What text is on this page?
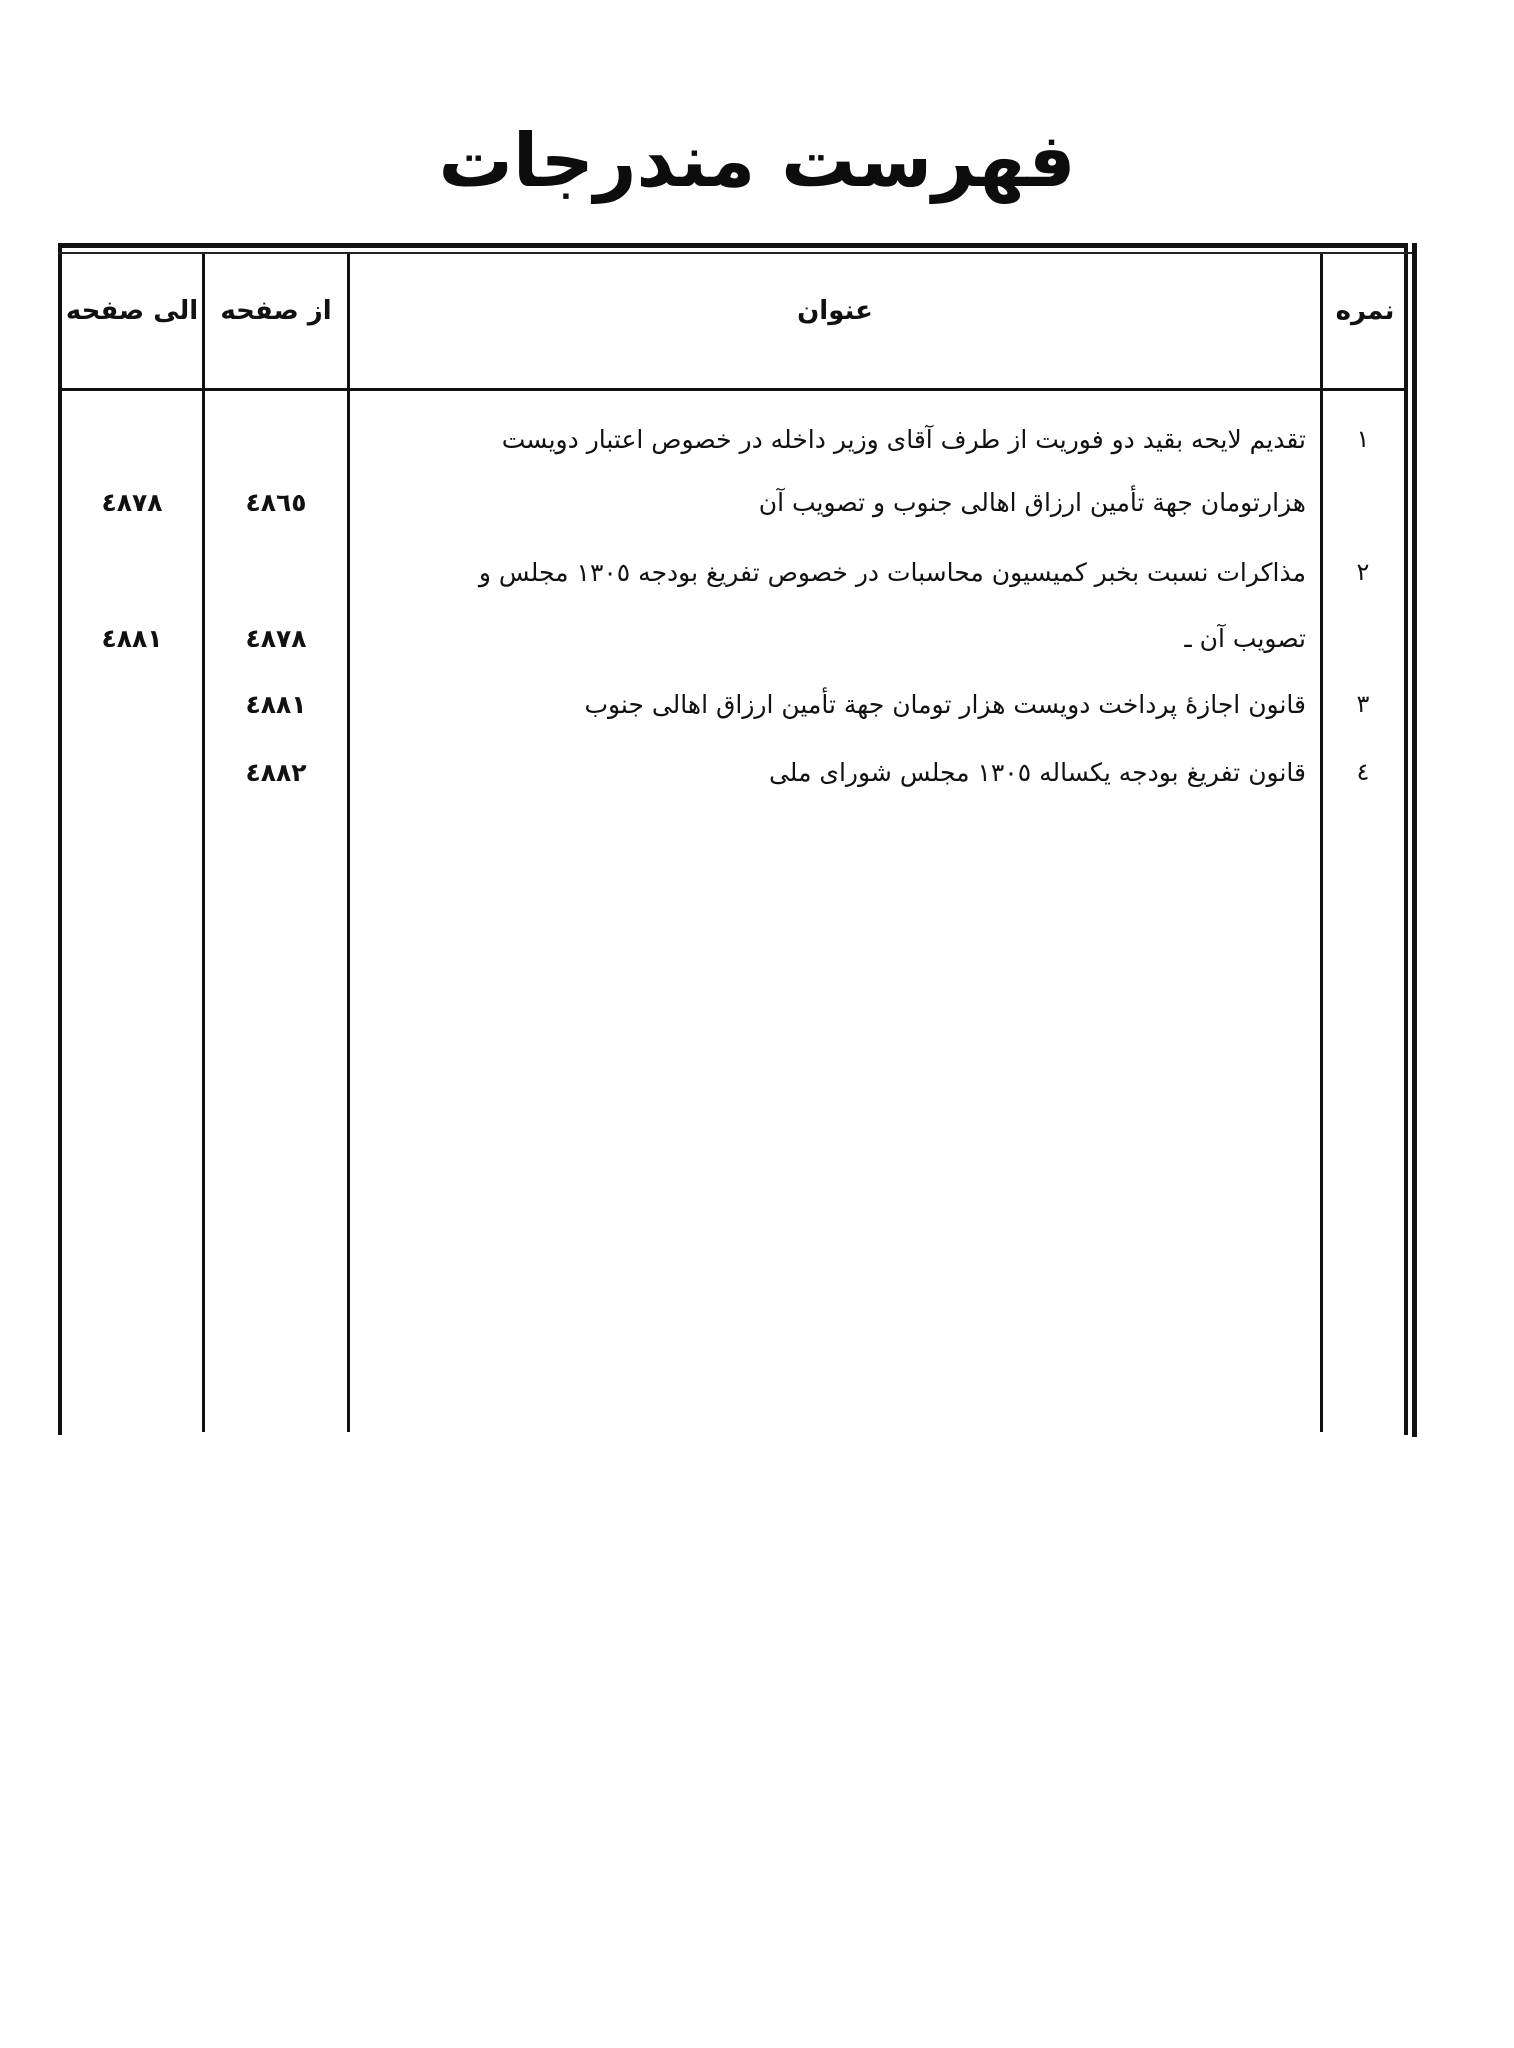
فهرست مندرجات
نمره
عنوان
از صفحه
الی صفحه
١
تقدیم لایحه بقید دو فوریت از طرف آقای وزیر داخله در خصوص اعتبار دویست
هزارتومان جهة تأمین ارزاق اهالی جنوب و تصویب آن
٤٨٦٥
٤٨٧٨
٢
مذاکرات نسبت بخبر کمیسیون محاسبات در خصوص تفریغ بودجه ١٣٠٥ مجلس و
تصویب آن ـ
٤٨٧٨
٤٨٨١
٣
قانون اجازهٔ پرداخت دویست هزار تومان جهة تأمین ارزاق اهالی جنوب
٤٨٨١
٤
قانون تفریغ بودجه یکساله ١٣٠٥ مجلس شورای ملی
٤٨٨٢
